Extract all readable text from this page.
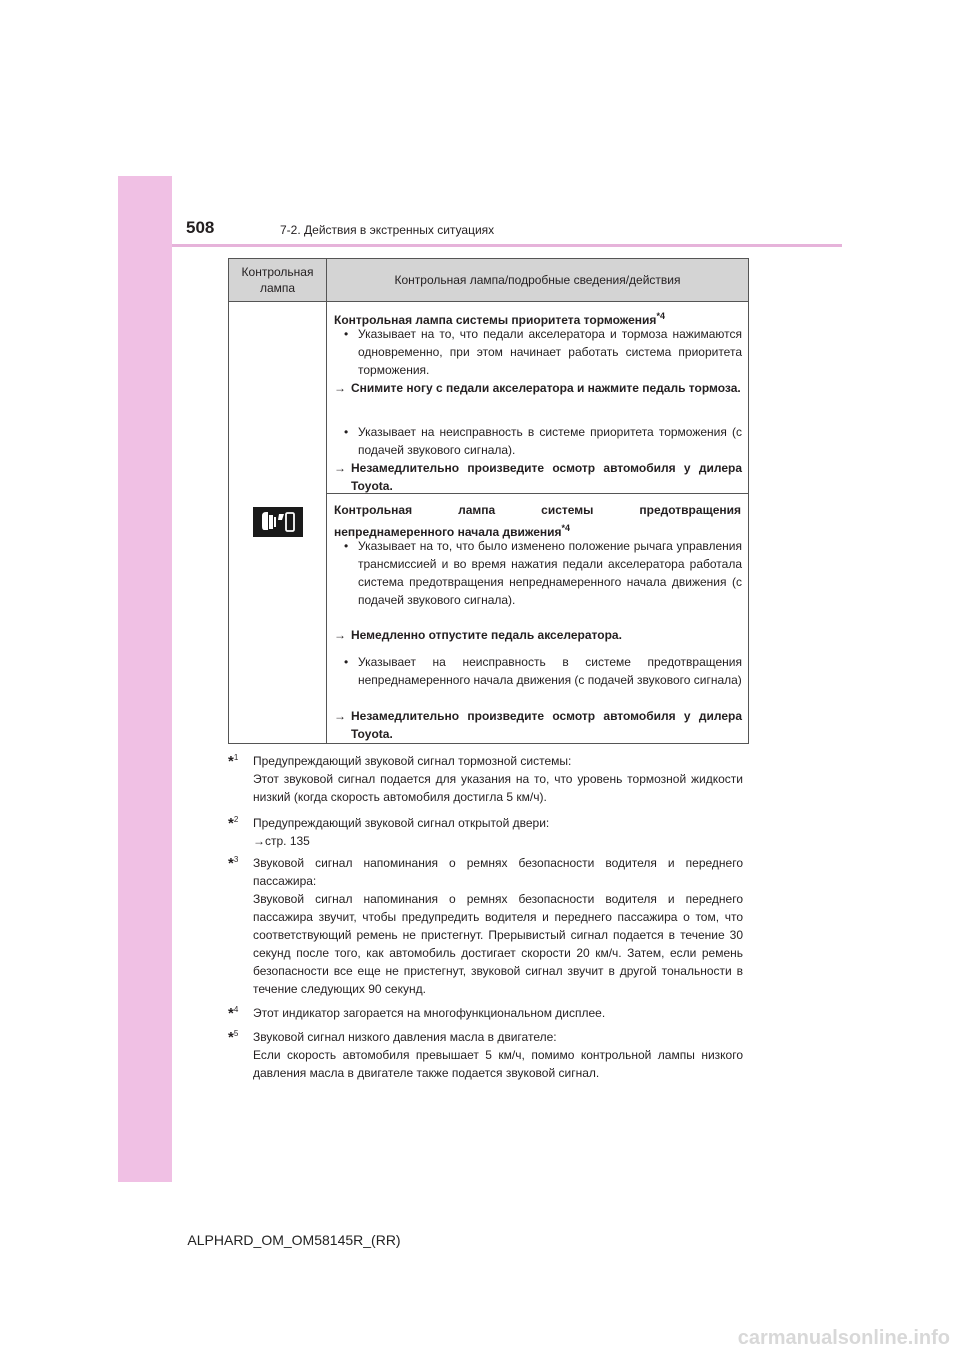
508	7-2. Действия в экстренных ситуациях
Контрольная лампа
Контрольная лампа/подробные сведения/действия
Контрольная лампа системы приоритета торможения$^{*4}$
• Указывает на то, что педали акселератора и тормоза нажимаются одновременно, при этом начинает работать система приоритета торможения.
→ Снимите ногу с педали акселератора и нажмите педаль тормоза.
• Указывает на неисправность в системе приоритета торможения (с подачей звукового сигнала).
→ Незамедлительно произведите осмотр автомобиля у дилера Toyota.
Контрольная лампа системы предотвращения
непреднамеренного начала движения$^{*4}$
• Указывает на то, что было изменено положение рычага управления трансмиссией и во время нажатия педали акселератора работала система предотвращения непреднамеренного начала движения (с подачей звукового сигнала).
→ Немедленно отпустите педаль акселератора.
• Указывает на неисправность в системе предотвращения непреднамеренного начала движения (с подачей звукового сигнала)
→ Незамедлительно произведите осмотр автомобиля у дилера Toyota.
*$^1$ Предупреждающий звуковой сигнал тормозной системы:
Этот звуковой сигнал подается для указания на то, что уровень тормозной жидкости низкий (когда скорость автомобиля достигла 5 км/ч).
*$^2$ Предупреждающий звуковой сигнал открытой двери:
→стр. 135
*$^3$ Звуковой сигнал напоминания о ремнях безопасности водителя и переднего пассажира:
Звуковой сигнал напоминания о ремнях безопасности водителя и переднего пассажира звучит, чтобы предупредить водителя и переднего пассажира о том, что соответствующий ремень не пристегнут. Прерывистый сигнал подается в течение 30 секунд после того, как автомобиль достигает скорости 20 км/ч. Затем, если ремень безопасности все еще не пристегнут, звуковой сигнал звучит в другой тональности в течение следующих 90 секунд.
*$^4$ Этот индикатор загорается на многофункциональном дисплее.
*$^5$ Звуковой сигнал низкого давления масла в двигателе:
Если скорость автомобиля превышает 5 км/ч, помимо контрольной лампы низкого давления масла в двигателе также подается звуковой сигнал.
ALPHARD_OM_OM58145R_(RR)
carmanualsonline.info
